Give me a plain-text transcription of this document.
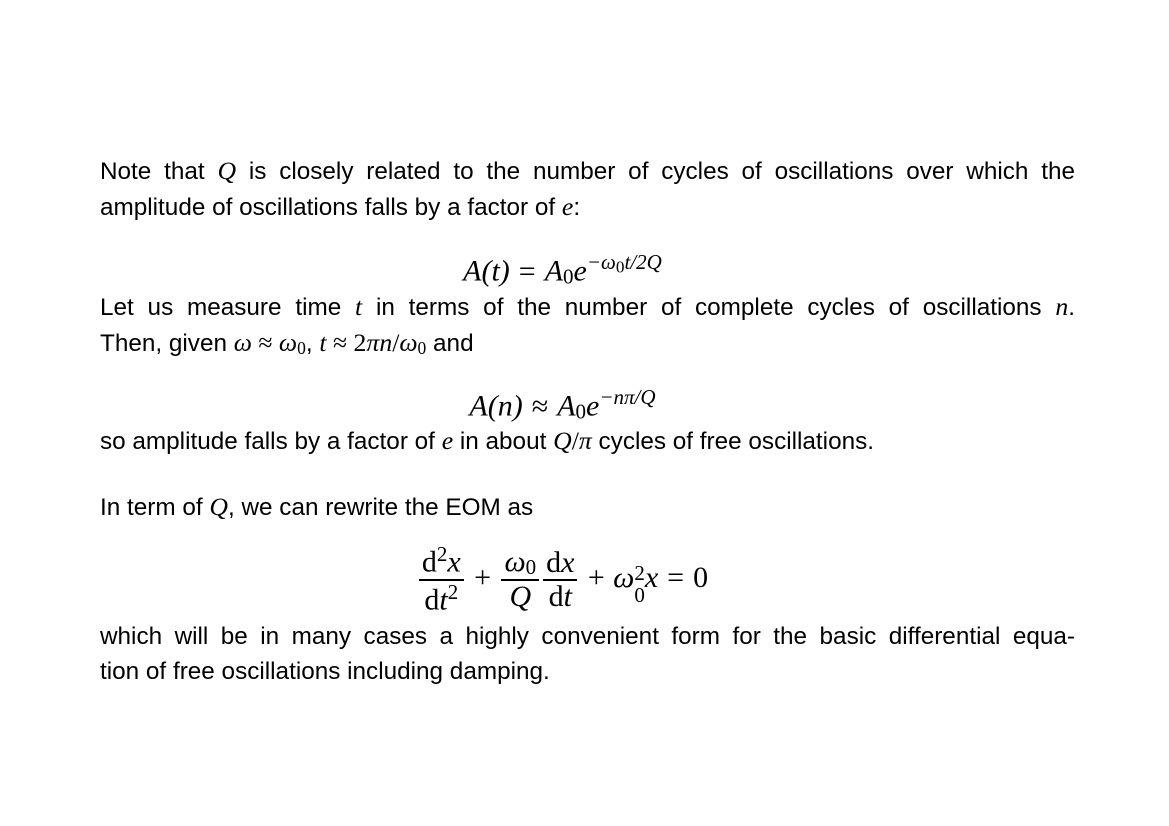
Note that Q is closely related to the number of cycles of oscillations over which the
amplitude of oscillations falls by a factor of e:
$A(t) = A0e^{-\omega 0t/2Q}$
Let us measure time t in terms of the number of complete cycles of oscillations n.
Then, given ω ≈ ω0, t ≈ 2πn/ω0 and
$A(n) \approx A0e^{-n\pi/Q}$
so amplitude falls by a factor of e in about Q/π cycles of free oscillations.
In term of Q, we can rewrite the EOM as
$\frac{d^2x}{dt^2} + \frac{\omega 0}{Q} \frac{dx}{dt} + \omega$ 2
0
x = 0
which will be in many cases a highly convenient form for the basic differential equa-
tion of free oscillations including damping.
